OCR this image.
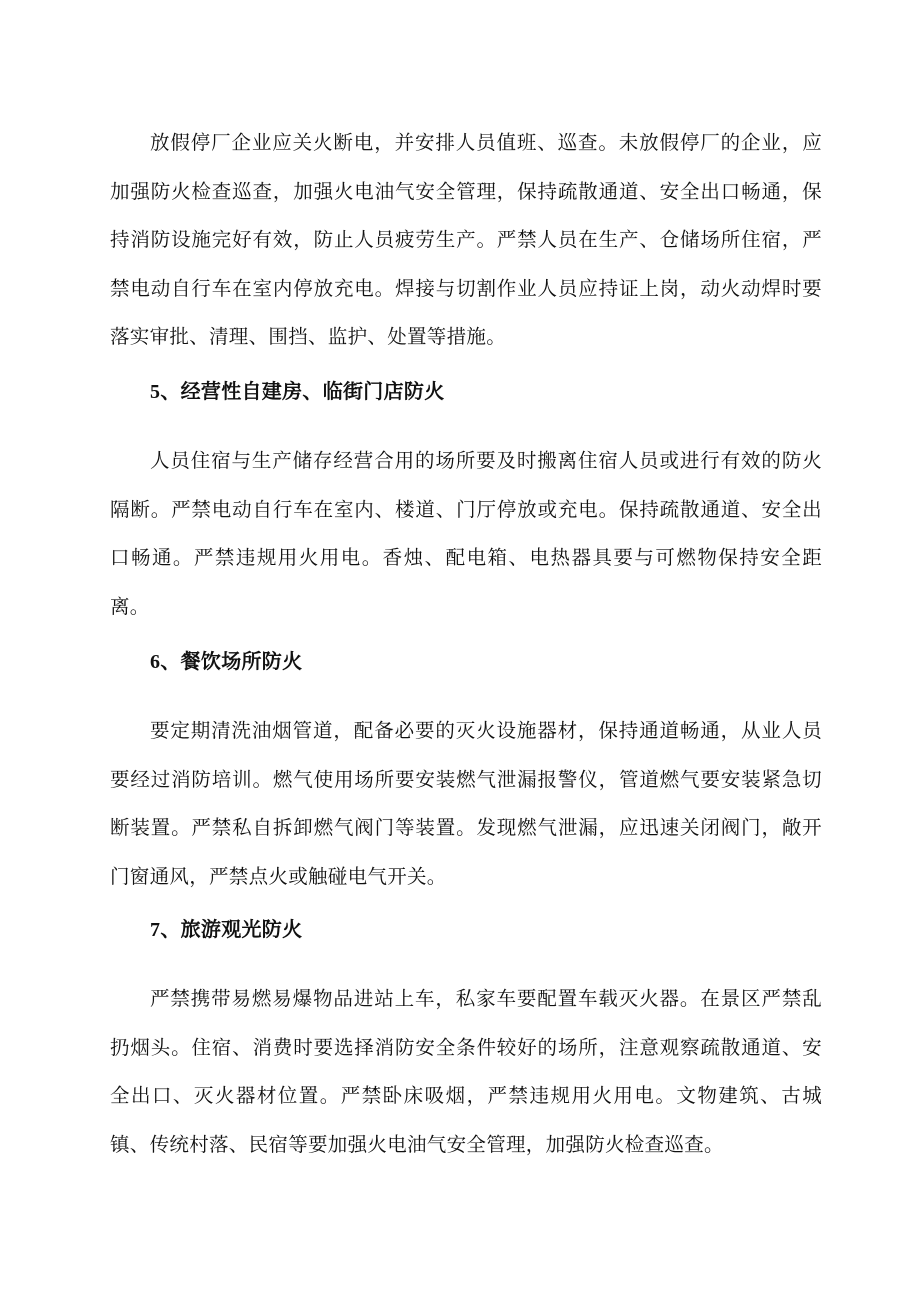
放假停厂企业应关火断电，并安排人员值班、巡查。未放假停厂的企业，应加强防火检查巡查，加强火电油气安全管理，保持疏散通道、安全出口畅通，保持消防设施完好有效，防止人员疲劳生产。严禁人员在生产、仓储场所住宿，严禁电动自行车在室内停放充电。焊接与切割作业人员应持证上岗，动火动焊时要落实审批、清理、围挡、监护、处置等措施。

5、经营性自建房、临街门店防火

人员住宿与生产储存经营合用的场所要及时搬离住宿人员或进行有效的防火隔断。严禁电动自行车在室内、楼道、门厅停放或充电。保持疏散通道、安全出口畅通。严禁违规用火用电。香烛、配电箱、电热器具要与可燃物保持安全距离。

6、餐饮场所防火

要定期清洗油烟管道，配备必要的灭火设施器材，保持通道畅通，从业人员要经过消防培训。燃气使用场所要安装燃气泄漏报警仪，管道燃气要安装紧急切断装置。严禁私自拆卸燃气阀门等装置。发现燃气泄漏，应迅速关闭阀门，敞开门窗通风，严禁点火或触碰电气开关。

7、旅游观光防火

严禁携带易燃易爆物品进站上车，私家车要配置车载灭火器。在景区严禁乱扔烟头。住宿、消费时要选择消防安全条件较好的场所，注意观察疏散通道、安全出口、灭火器材位置。严禁卧床吸烟，严禁违规用火用电。文物建筑、古城镇、传统村落、民宿等要加强火电油气安全管理，加强防火检查巡查。
